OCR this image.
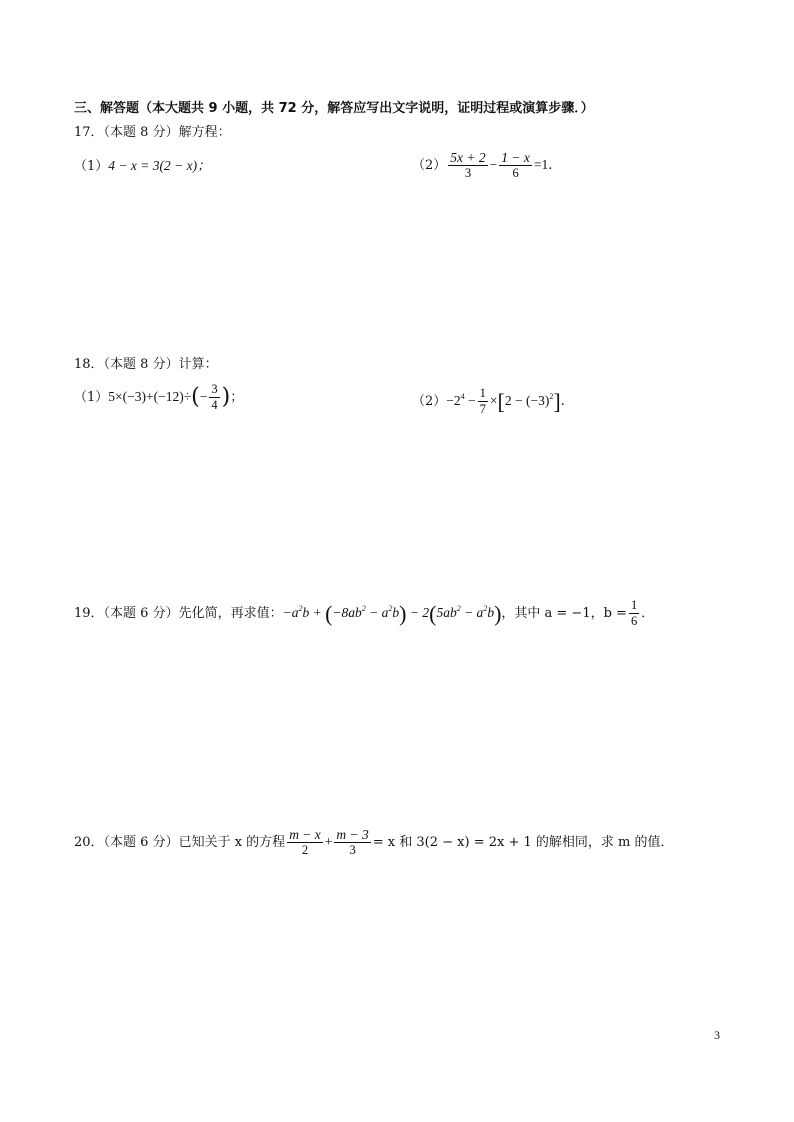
三、解答题（本大题共 9 小题，共 72 分，解答应写出文字说明，证明过程或演算步骤．）
17．（本题 8 分）解方程：
（1）4 − x = 3(2 − x)；	$(2) \frac{5x + 2}{3} - \frac{1 - x}{6} =1$．
18．（本题 8 分）计算：
$(1)5\times(-3)+(-12)\div(- \frac{3}{4}$ )；	$(2)-2^4 - \frac{1}{7} \times[2 - (-3)^2]$．
19．（本题 6 分）先化简，再求值：$-a^2b + (-8ab^2 - a^2b) - 2(5ab^2 - a^2b)$，其中 a = −1，$b = \frac{1}{6}$ ．
20．（本题 6 分）已知关于 x 的方程 $\frac{m - x}{2} + \frac{m - 3}{3} = x$ 和 3(2 − x) = 2x + 1 的解相同，求 m 的值．
3
